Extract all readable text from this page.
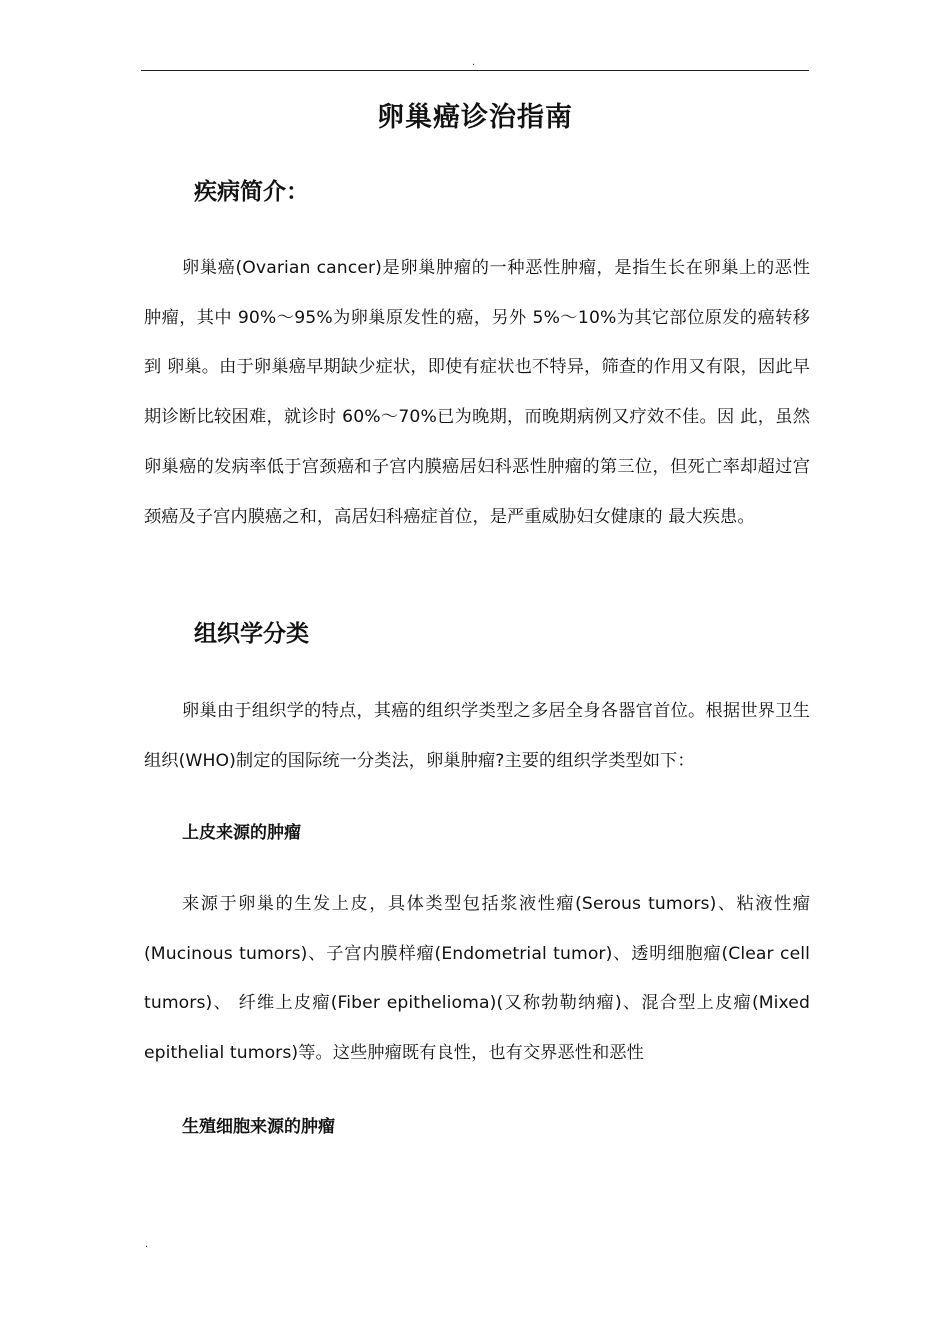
.
卵巢癌诊治指南
疾病简介：

卵巢癌(Ovarian cancer)是卵巢肿瘤的一种恶性肿瘤，是指生长在卵巢上的恶性肿瘤，其中 90%～95%为卵巢原发性的癌，另外 5%～10%为其它部位原发的癌转移到 卵巢。由于卵巢癌早期缺少症状，即使有症状也不特异，筛查的作用又有限，因此早期诊断比较困难，就诊时 60%～70%已为晚期，而晚期病例又疗效不佳。因 此，虽然卵巢癌的发病率低于宫颈癌和子宫内膜癌居妇科恶性肿瘤的第三位，但死亡率却超过宫颈癌及子宫内膜癌之和，高居妇科癌症首位，是严重威胁妇女健康的 最大疾患。

组织学分类

卵巢由于组织学的特点，其癌的组织学类型之多居全身各器官首位。根据世界卫生组织(WHO)制定的国际统一分类法，卵巢肿瘤?主要的组织学类型如下：

上皮来源的肿瘤

来源于卵巢的生发上皮，具体类型包括浆液性瘤(Serous tumors)、粘液性瘤(Mucinous tumors)、子宫内膜样瘤(Endometrial tumor)、透明细胞瘤(Clear cell tumors)、 纤维上皮瘤(Fiber epithelioma)(又称勃勒纳瘤)、混合型上皮瘤(Mixed epithelial tumors)等。这些肿瘤既有良性，也有交界恶性和恶性

生殖细胞来源的肿瘤
.
